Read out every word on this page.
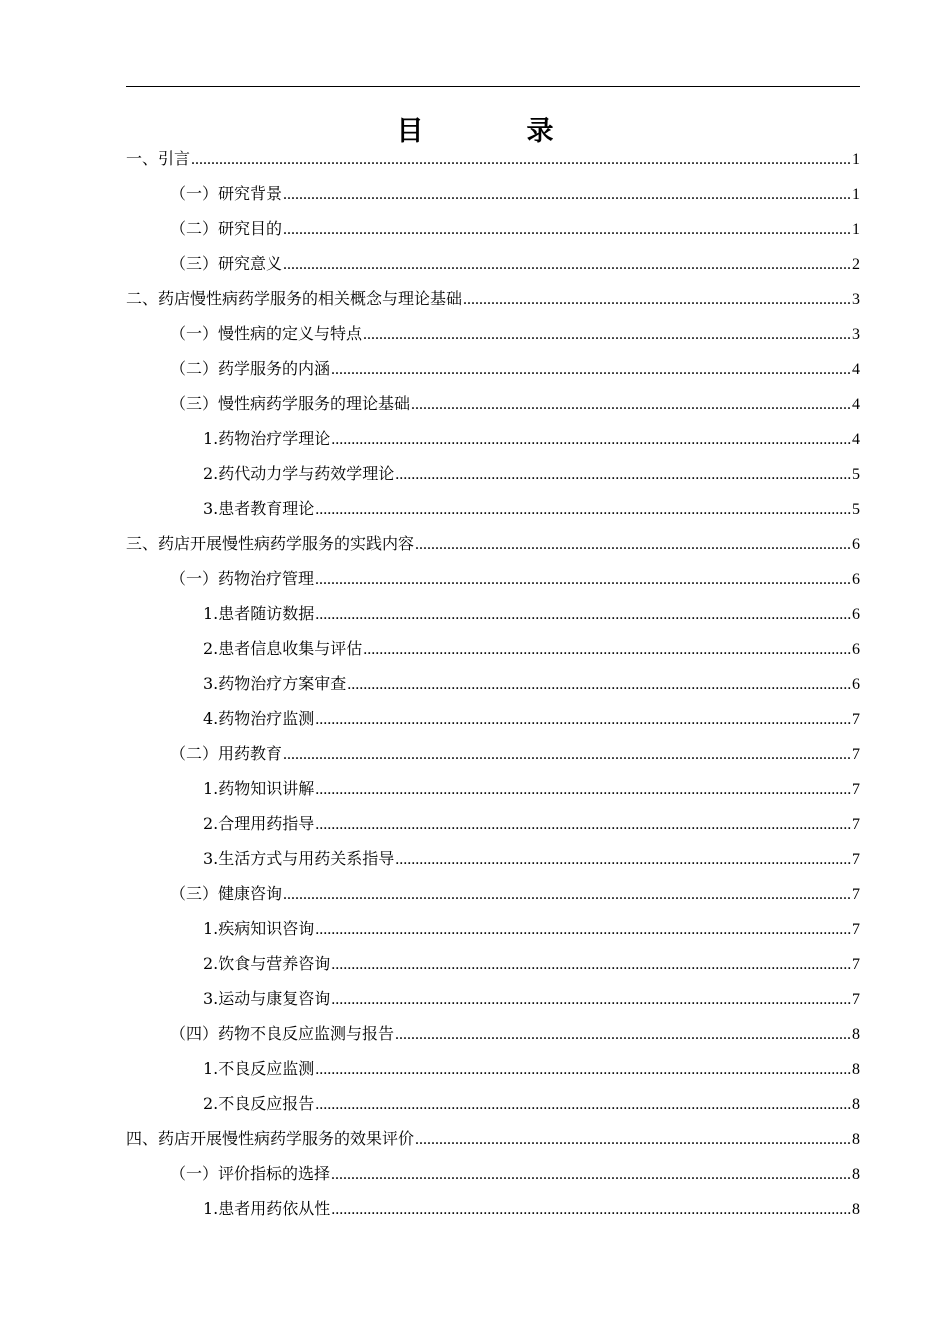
目　录
一、引言 .....	1
（一）研究背景 .....	1
（二）研究目的 .....	1
（三）研究意义 .....	2
二、药店慢性病药学服务的相关概念与理论基础 .....	3
（一）慢性病的定义与特点 .....	3
（二）药学服务的内涵 .....	4
（三）慢性病药学服务的理论基础 .....	4
1.药物治疗学理论 .....	4
2.药代动力学与药效学理论 .....	5
3.患者教育理论 .....	5
三、药店开展慢性病药学服务的实践内容 .....	6
（一）药物治疗管理 .....	6
1.患者随访数据 .....	6
2.患者信息收集与评估 .....	6
3.药物治疗方案审查 .....	6
4.药物治疗监测 .....	7
（二）用药教育 .....	7
1.药物知识讲解 .....	7
2.合理用药指导 .....	7
3.生活方式与用药关系指导 .....	7
（三）健康咨询 .....	7
1.疾病知识咨询 .....	7
2.饮食与营养咨询 .....	7
3.运动与康复咨询 .....	7
（四）药物不良反应监测与报告 .....	8
1.不良反应监测 .....	8
2.不良反应报告 .....	8
四、药店开展慢性病药学服务的效果评价 .....	8
（一）评价指标的选择 .....	8
1.患者用药依从性 .....	8
